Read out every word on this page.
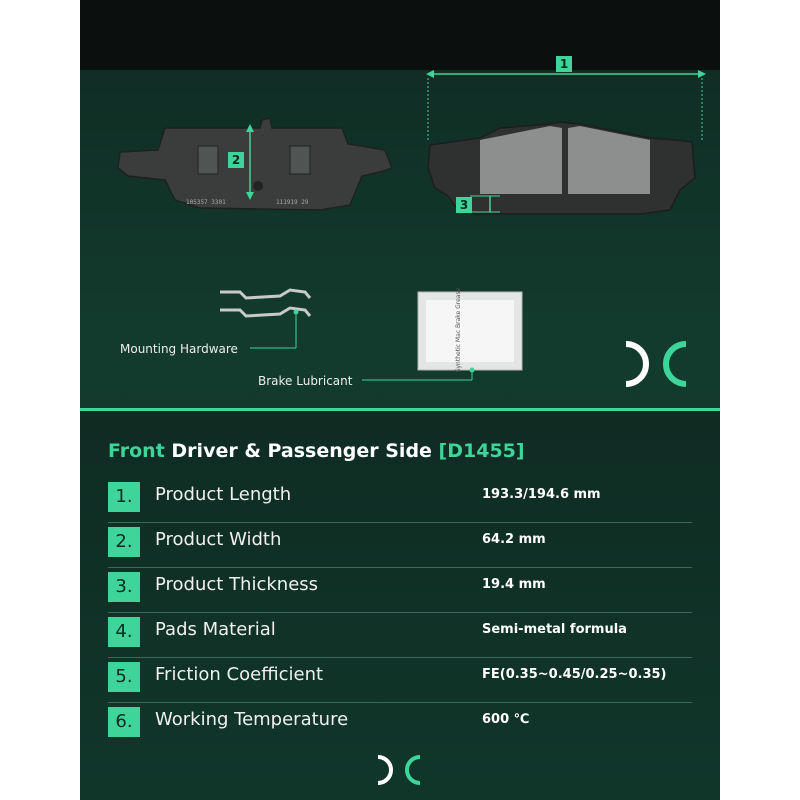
105357 3301	111919 29
Synthetic Mac Brake Grease
1
2
3
Mounting Hardware
Brake Lubricant
Front Driver & Passenger Side [D1455]
1.	Product Length	193.3/194.6 mm
2.	Product Width	64.2 mm
3.	Product Thickness	19.4 mm
4.	Pads Material	Semi-metal formula
5.	Friction Coefficient	FE(0.35~0.45/0.25~0.35)
6.	Working Temperature	600 ℃
